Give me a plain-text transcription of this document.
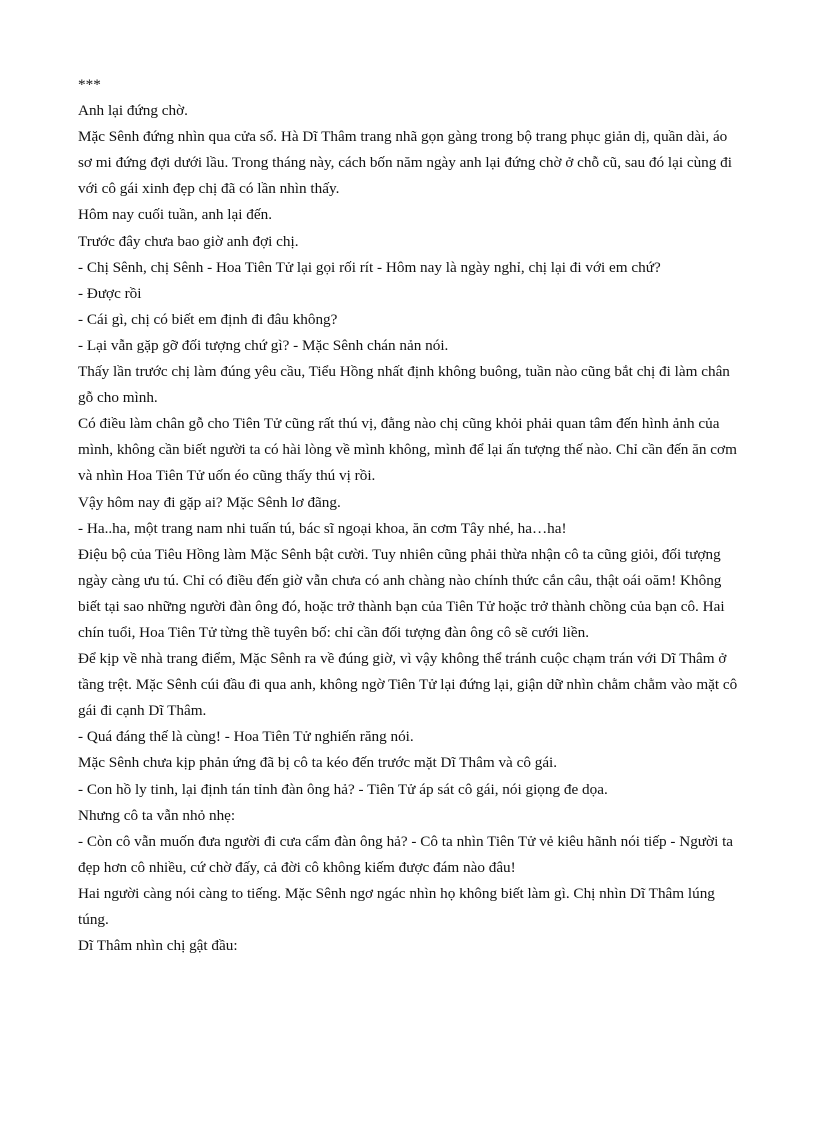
***

Anh lại đứng chờ.

Mặc Sênh đứng nhìn qua cửa sổ. Hà Dĩ Thâm trang nhã gọn gàng trong bộ trang phục giản dị, quần dài, áo sơ mi đứng đợi dưới lầu. Trong tháng này, cách bốn năm ngày anh lại đứng chờ ở chỗ cũ, sau đó lại cùng đi với cô gái xinh đẹp chị đã có lần nhìn thấy.

Hôm nay cuối tuần, anh lại đến.

Trước đây chưa bao giờ anh đợi chị.

- Chị Sênh, chị Sênh - Hoa Tiên Tử lại gọi rối rít - Hôm nay là ngày nghỉ, chị lại đi với em chứ?

- Được rồi

- Cái gì, chị có biết em định đi đâu không?

- Lại vẫn gặp gỡ đối tượng chứ gì? - Mặc Sênh chán nản nói.

Thấy lần trước chị làm đúng yêu cầu, Tiểu Hồng nhất định không buông, tuần nào cũng bắt chị đi làm chân gỗ cho mình.

Có điều làm chân gỗ cho Tiên Tử cũng rất thú vị, đằng nào chị cũng khỏi phải quan tâm đến hình ảnh của mình, không cần biết người ta có hài lòng về mình không, mình để lại ấn tượng thế nào. Chỉ cần đến ăn cơm và nhìn Hoa Tiên Tử uốn éo cũng thấy thú vị rồi.

Vậy hôm nay đi gặp ai? Mặc Sênh lơ đãng.

- Ha..ha, một trang nam nhi tuấn tú, bác sĩ ngoại khoa, ăn cơm Tây nhé, ha…ha!

Điệu bộ của Tiêu Hồng làm Mặc Sênh bật cười. Tuy nhiên cũng phải thừa nhận cô ta cũng giỏi, đối tượng ngày càng ưu tú. Chỉ có điều đến giờ vẫn chưa có anh chàng nào chính thức cắn câu, thật oái oăm! Không biết tại sao những người đàn ông đó, hoặc trở thành bạn của Tiên Tử hoặc trở thành chồng của bạn cô. Hai chín tuổi, Hoa Tiên Tử từng thề tuyên bố: chỉ cần đối tượng đàn ông cô sẽ cưới liền.

Để kịp về nhà trang điểm, Mặc Sênh ra về đúng giờ, vì vậy không thể tránh cuộc chạm trán với Dĩ Thâm ở tầng trệt. Mặc Sênh cúi đầu đi qua anh, không ngờ Tiên Tử lại đứng lại, giận dữ nhìn chằm chằm vào mặt cô gái đi cạnh Dĩ Thâm.

- Quá đáng thế là cùng! - Hoa Tiên Tử nghiến răng nói.

Mặc Sênh chưa kịp phản ứng đã bị cô ta kéo đến trước mặt Dĩ Thâm và cô gái.

- Con hồ ly tinh, lại định tán tỉnh đàn ông hả? - Tiên Tử áp sát cô gái, nói giọng đe dọa.

Nhưng cô ta vẫn nhỏ nhẹ:

- Còn cô vẫn muốn đưa người đi cưa cẩm đàn ông hả? - Cô ta nhìn Tiên Tử vẻ kiêu hãnh nói tiếp - Người ta đẹp hơn cô nhiều, cứ chờ đấy, cả đời cô không kiếm được đám nào đâu!

Hai người càng nói càng to tiếng. Mặc Sênh ngơ ngác nhìn họ không biết làm gì. Chị nhìn Dĩ Thâm lúng túng.

Dĩ Thâm nhìn chị gật đầu:
